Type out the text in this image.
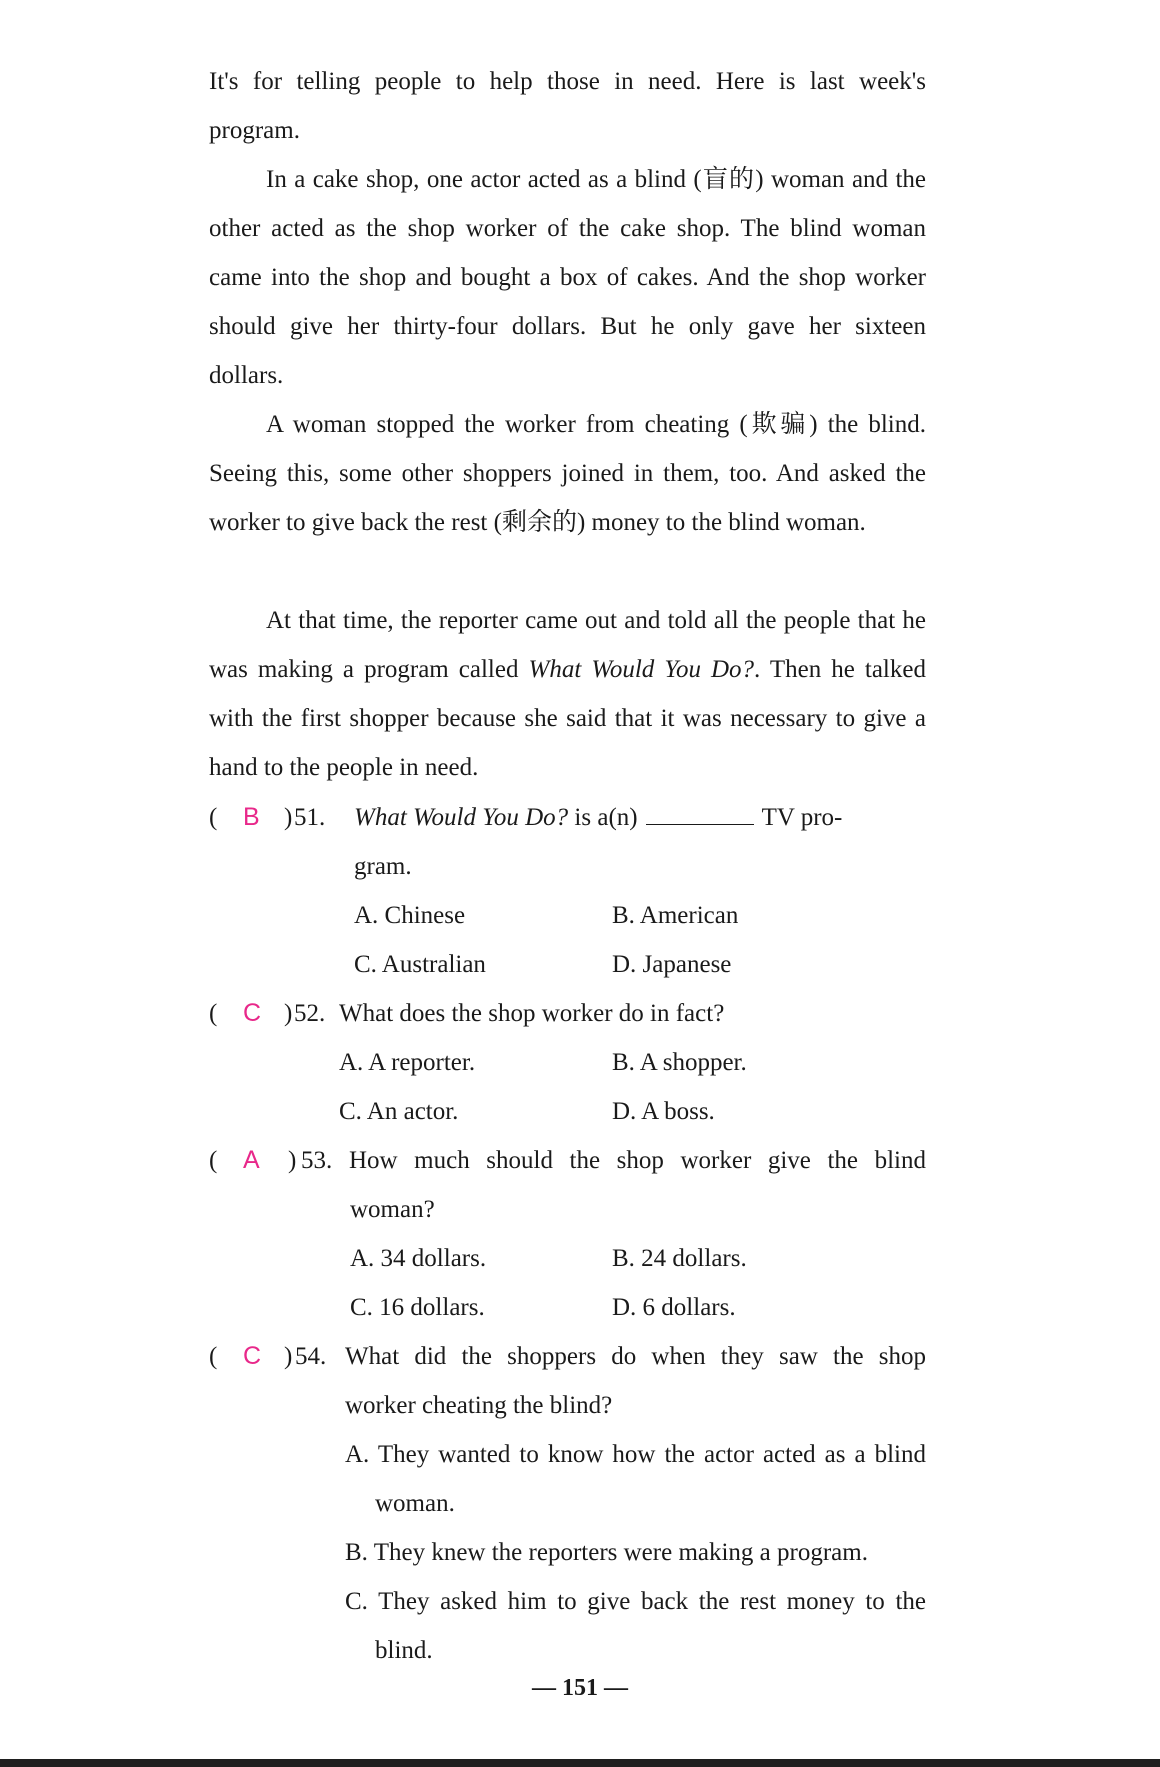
It's for telling people to help those in need. Here is last week's
program.

In a cake shop, one actor acted as a blind (盲的) woman and the other acted as the shop worker of the cake shop. The blind woman came into the shop and bought a box of cakes. And the shop worker should give her thirty-four dollars. But he only gave her sixteen dollars.

A woman stopped the worker from cheating (欺骗) the blind. Seeing this, some other shoppers joined in them, too. And asked the worker to give back the rest (剩余的) money to the blind woman.

At that time, the reporter came out and told all the people that he was making a program called What Would You Do?. Then he talked with the first shopper because she said that it was necessary to give a hand to the people in need.

( B ) 51. What Would You Do? is a(n)	TV pro-
gram.
A. Chinese	B. American
C. Australian	D. Japanese
( C ) 52. What does the shop worker do in fact?
A. A reporter.	B. A shopper.
C. An actor.	D. A boss.
( A ) 53. How much should the shop worker give the blind
woman?
A. 34 dollars.	B. 24 dollars.
C. 16 dollars.	D. 6 dollars.
( C ) 54. What did the shoppers do when they saw the shop
worker cheating the blind?

A. They wanted to know how the actor acted as a blind woman.

B. They knew the reporters were making a program.

C. They asked him to give back the rest money to the blind.

— 151 —
